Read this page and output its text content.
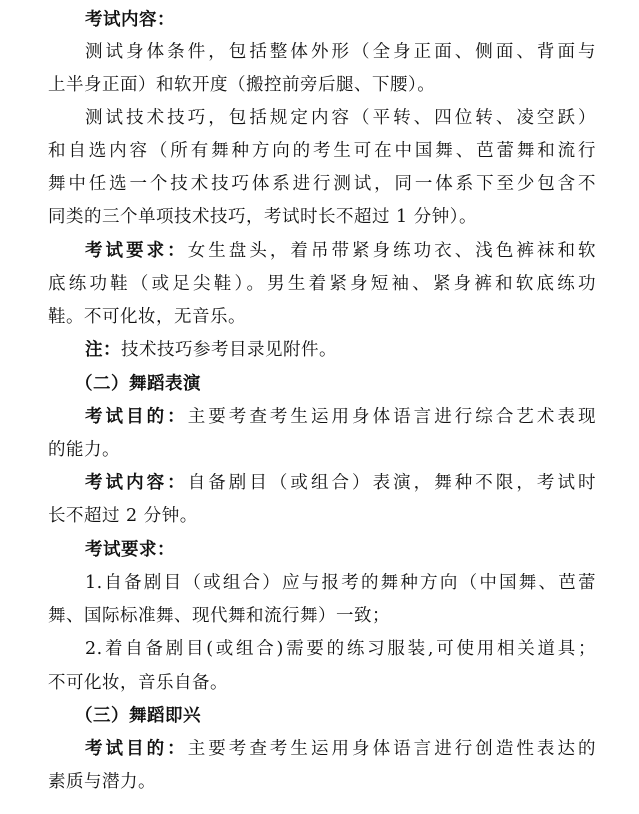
考试内容：
测试身体条件，包括整体外形（全身正面、侧面、背面与
上半身正面）和软开度（搬控前旁后腿、下腰）。
测试技术技巧，包括规定内容（平转、四位转、凌空跃）
和自选内容（所有舞种方向的考生可在中国舞、芭蕾舞和流行
舞中任选一个技术技巧体系进行测试，同一体系下至少包含不
同类的三个单项技术技巧，考试时长不超过 1 分钟）。
考试要求：女生盘头，着吊带紧身练功衣、浅色裤袜和软
底练功鞋（或足尖鞋）。男生着紧身短袖、紧身裤和软底练功
鞋。不可化妆，无音乐。
注：技术技巧参考目录见附件。
（二）舞蹈表演
考试目的：主要考查考生运用身体语言进行综合艺术表现
的能力。
考试内容：自备剧目（或组合）表演，舞种不限，考试时
长不超过 2 分钟。
考试要求：
1.自备剧目（或组合）应与报考的舞种方向（中国舞、芭蕾
舞、国际标准舞、现代舞和流行舞）一致；
2.着自备剧目(或组合)需要的练习服装,可使用相关道具；
不可化妆，音乐自备。
（三）舞蹈即兴
考试目的：主要考查考生运用身体语言进行创造性表达的
素质与潜力。
